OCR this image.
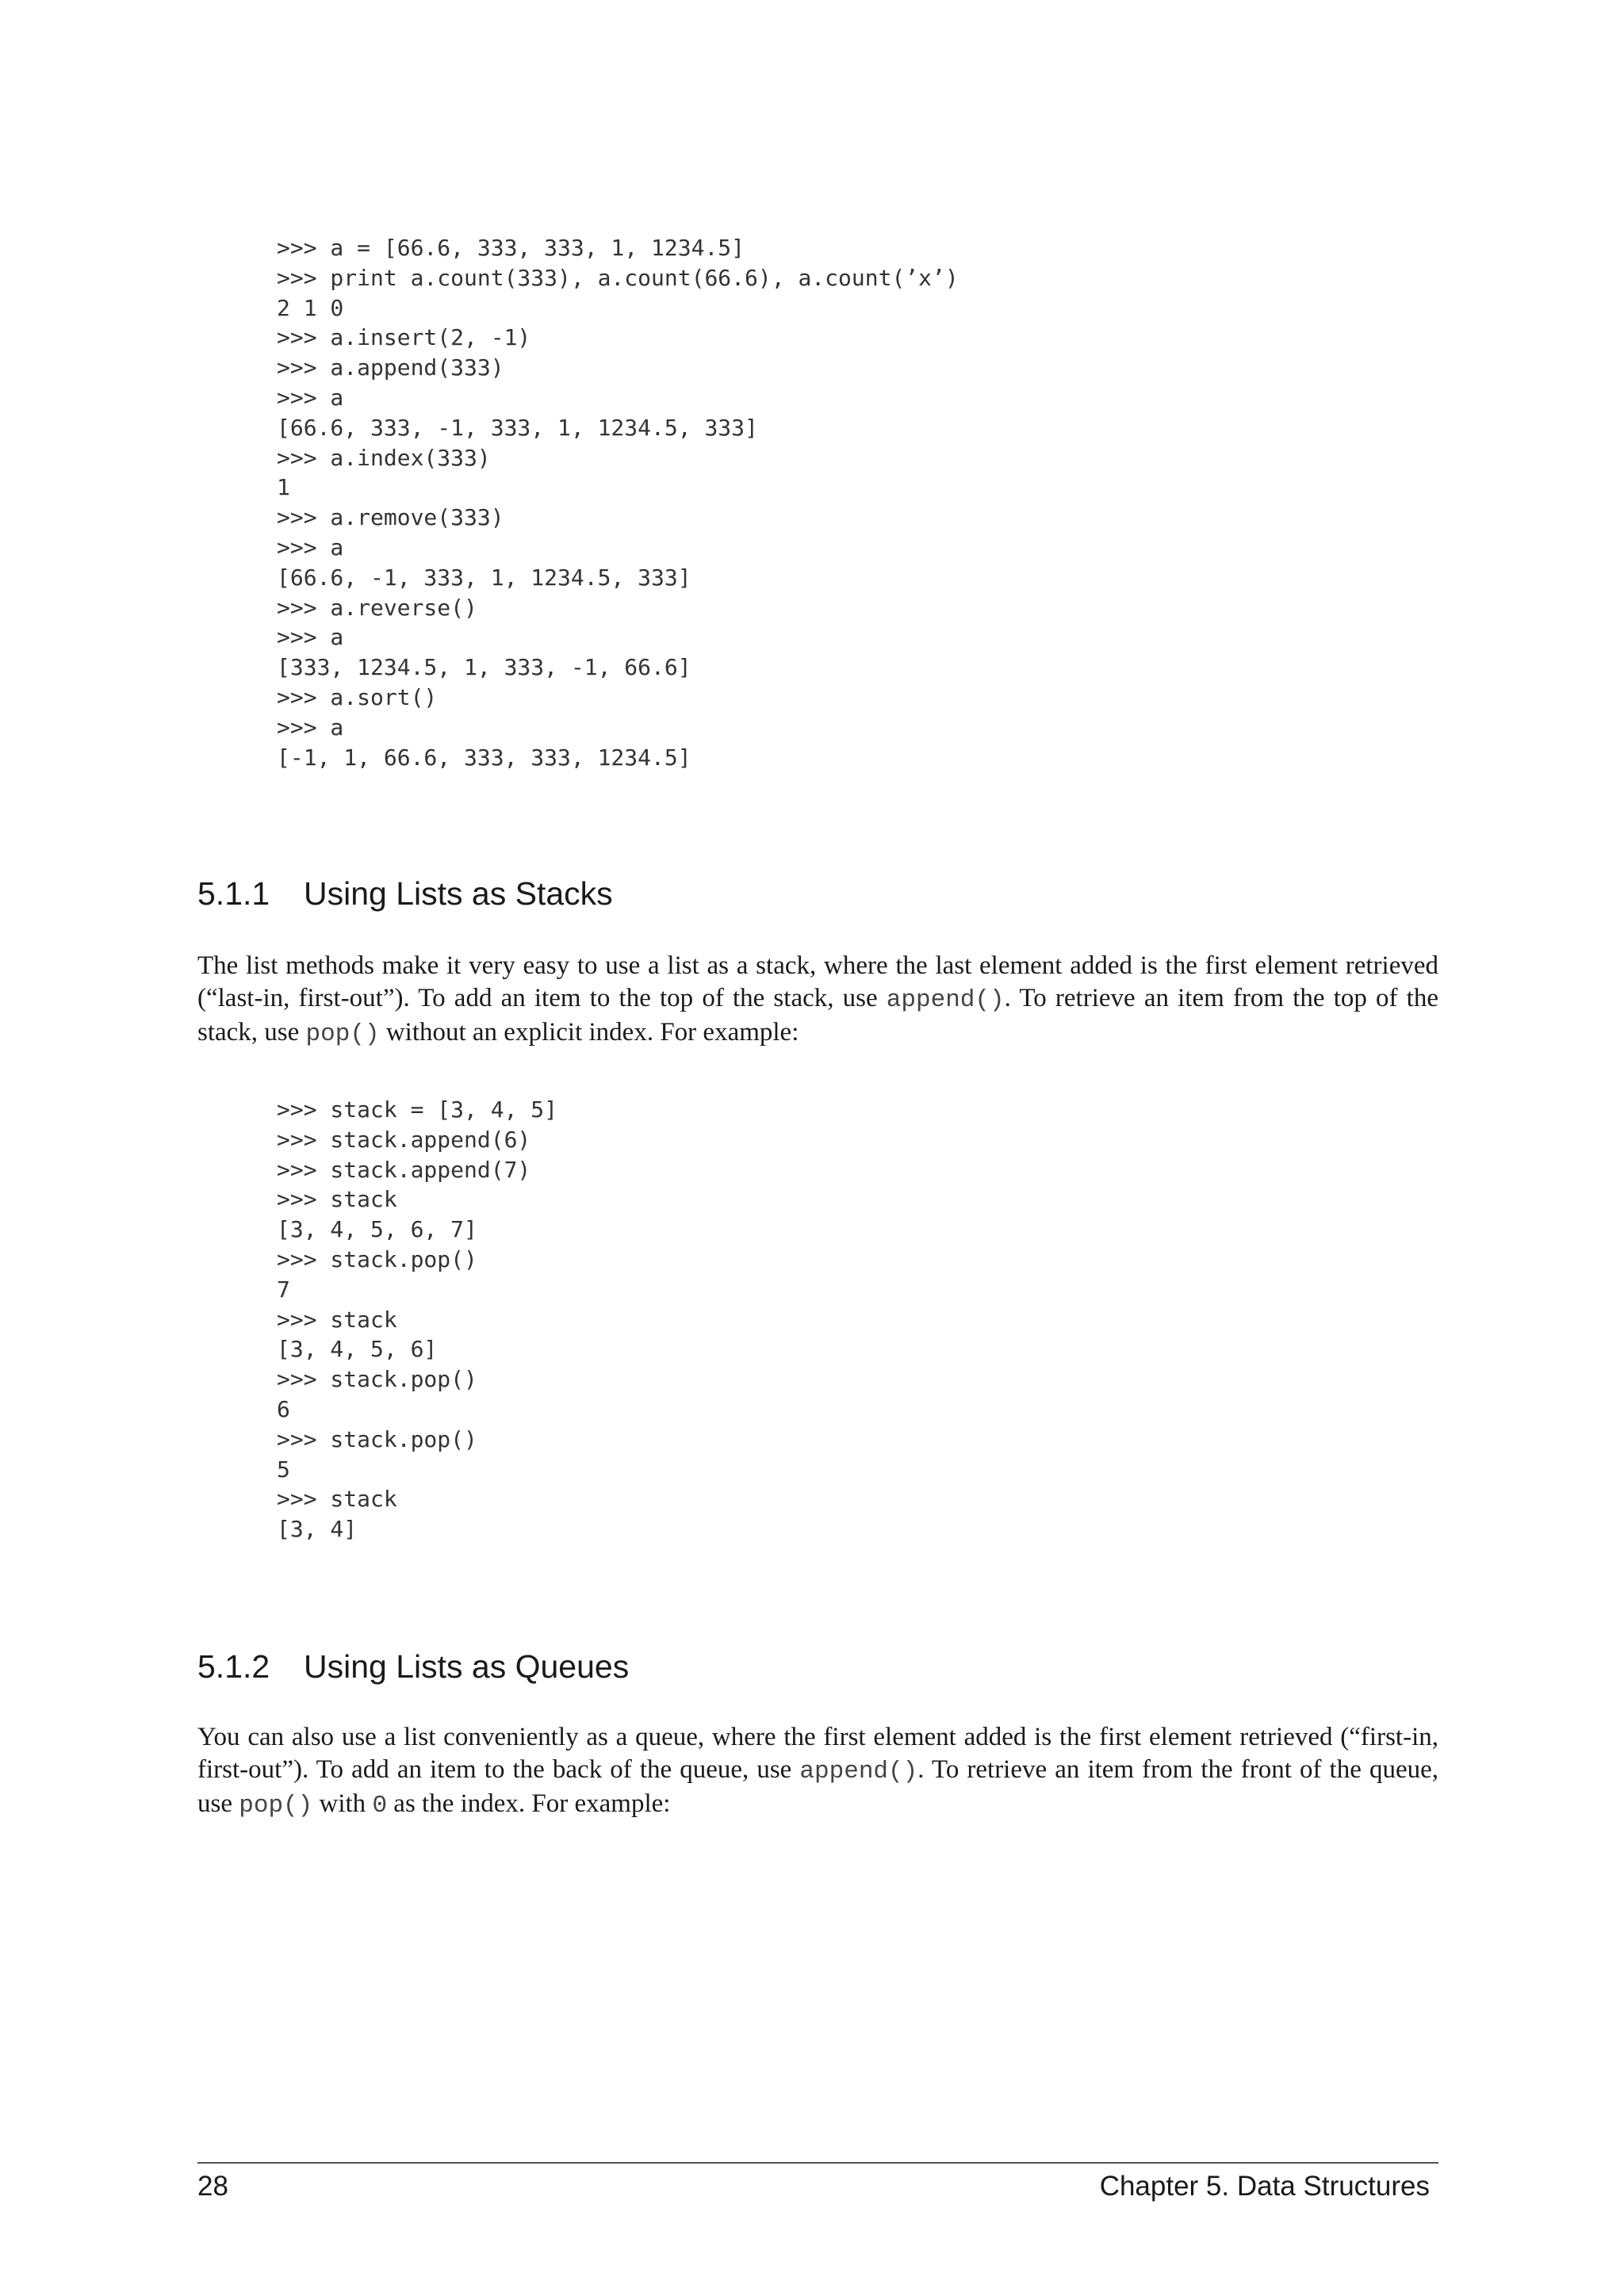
>>> a = [66.6, 333, 333, 1, 1234.5]
>>> print a.count(333), a.count(66.6), a.count(’x’)
2 1 0
>>> a.insert(2, -1)
>>> a.append(333)
>>> a
[66.6, 333, -1, 333, 1, 1234.5, 333]
>>> a.index(333)
1
>>> a.remove(333)
>>> a
[66.6, -1, 333, 1, 1234.5, 333]
>>> a.reverse()
>>> a
[333, 1234.5, 1, 333, -1, 66.6]
>>> a.sort()
>>> a
[-1, 1, 66.6, 333, 333, 1234.5]
5.1.1 Using Lists as Stacks

The list methods make it very easy to use a list as a stack, where the last element added is the first element retrieved (“last-in, first-out”). To add an item to the top of the stack, use append(). To retrieve an item from the top of the stack, use pop() without an explicit index. For example:

>>> stack = [3, 4, 5]
>>> stack.append(6)
>>> stack.append(7)
>>> stack
[3, 4, 5, 6, 7]
>>> stack.pop()
7
>>> stack
[3, 4, 5, 6]
>>> stack.pop()
6
>>> stack.pop()
5
>>> stack
[3, 4]
5.1.2 Using Lists as Queues

You can also use a list conveniently as a queue, where the first element added is the first element retrieved (“first-in, first-out”). To add an item to the back of the queue, use append(). To retrieve an item from the front of the queue, use pop() with 0 as the index. For example:

28	Chapter 5. Data Structures
